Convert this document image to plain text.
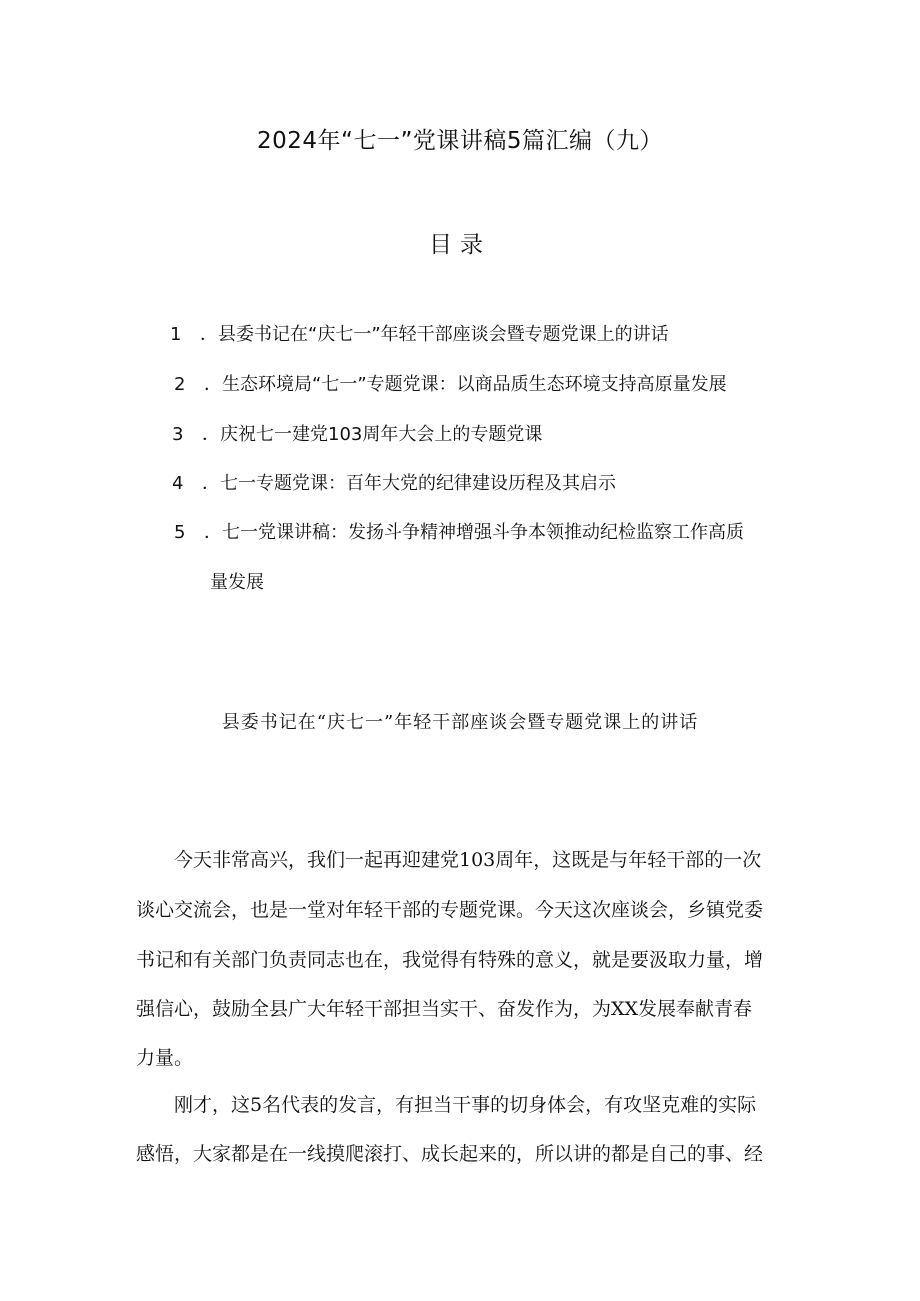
2024年“七一”党课讲稿5篇汇编（九）
目录
1 ．县委书记在“庆七一”年轻干部座谈会暨专题党课上的讲话
2 ．生态环境局“七一”专题党课：以商品质生态环境支持高原量发展
3 ．庆祝七一建党103周年大会上的专题党课
4 ．七一专题党课：百年大党的纪律建设历程及其启示
5 ．七一党课讲稿：发扬斗争精神增强斗争本领推动纪检监察工作高质
量发展
县委书记在“庆七一”年轻干部座谈会暨专题党课上的讲话
今天非常高兴，我们一起再迎建党103周年，这既是与年轻干部的一次
谈心交流会，也是一堂对年轻干部的专题党课。今天这次座谈会，乡镇党委
书记和有关部门负责同志也在，我觉得有特殊的意义，就是要汲取力量，增
强信心，鼓励全县广大年轻干部担当实干、奋发作为，为XX发展奉献青春
力量。
刚才，这5名代表的发言，有担当干事的切身体会，有攻坚克难的实际
感悟，大家都是在一线摸爬滚打、成长起来的，所以讲的都是自己的事、经
